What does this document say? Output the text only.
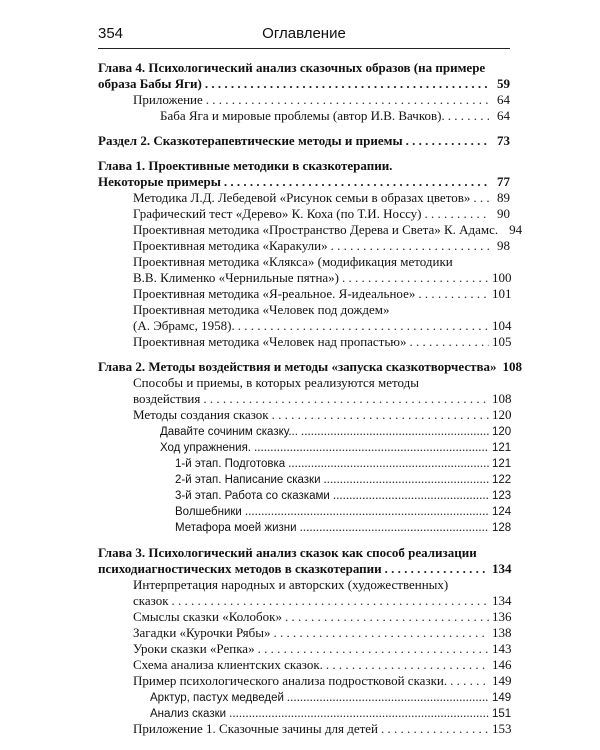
354	Оглавление
Глава 4. Психологический анализ сказочных образов (на примере
образа Бабы Яги) . . .	59
Приложение . . .	64
Баба Яга и мировые проблемы (автор И.В. Вачков). . . .	64
Раздел 2. Сказкотерапевтические методы и приемы . . .	73
Глава 1. Проективные методики в сказкотерапии.
Некоторые примеры . . .	77
Методика Л.Д. Лебедевой «Рисунок семьи в образах цветов» . . .	89
Графический тест «Дерево» К. Коха (по Т.И. Носсу) . . .	90
Проективная методика «Пространство Дерева и Света» К. Адамс. 94
Проективная методика «Каракули» . . .	98
Проективная методика «Клякса» (модификация методики
В.В. Клименко «Чернильные пятна») . . .	100
Проективная методика «Я-реальное. Я-идеальное» . . .	101
Проективная методика «Человек под дождем»
(А. Эбрамс, 1958). . . .	104
Проективная методика «Человек над пропастью» . . .	105
Глава 2. Методы воздействия и методы «запуска сказкотворчества» 108
Способы и приемы, в которых реализуются методы
воздействия . . .	108
Методы создания сказок . . .	120
Давайте сочиним сказку... .....	120
Ход упражнения. .....	121
1-й этап. Подготовка .....	121
2-й этап. Написание сказки .....	122
3-й этап. Работа со сказками .....	123
Волшебники .....	124
Метафора моей жизни .....	128
Глава 3. Психологический анализ сказок как способ реализации
психодиагностических методов в сказкотерапии . . .	134
Интерпретация народных и авторских (художественных)
сказок . . .	134
Смыслы сказки «Колобок» . . .	136
Загадки «Курочки Рябы» . . .	138
Уроки сказки «Репка» . . .	143
Схема анализа клиентских сказок. . . .	146
Пример психологического анализа подростковой сказки. . . .	149
Арктур, пастух медведей .....	149
Анализ сказки .....	151
Приложение 1. Сказочные зачины для детей . . .	153
